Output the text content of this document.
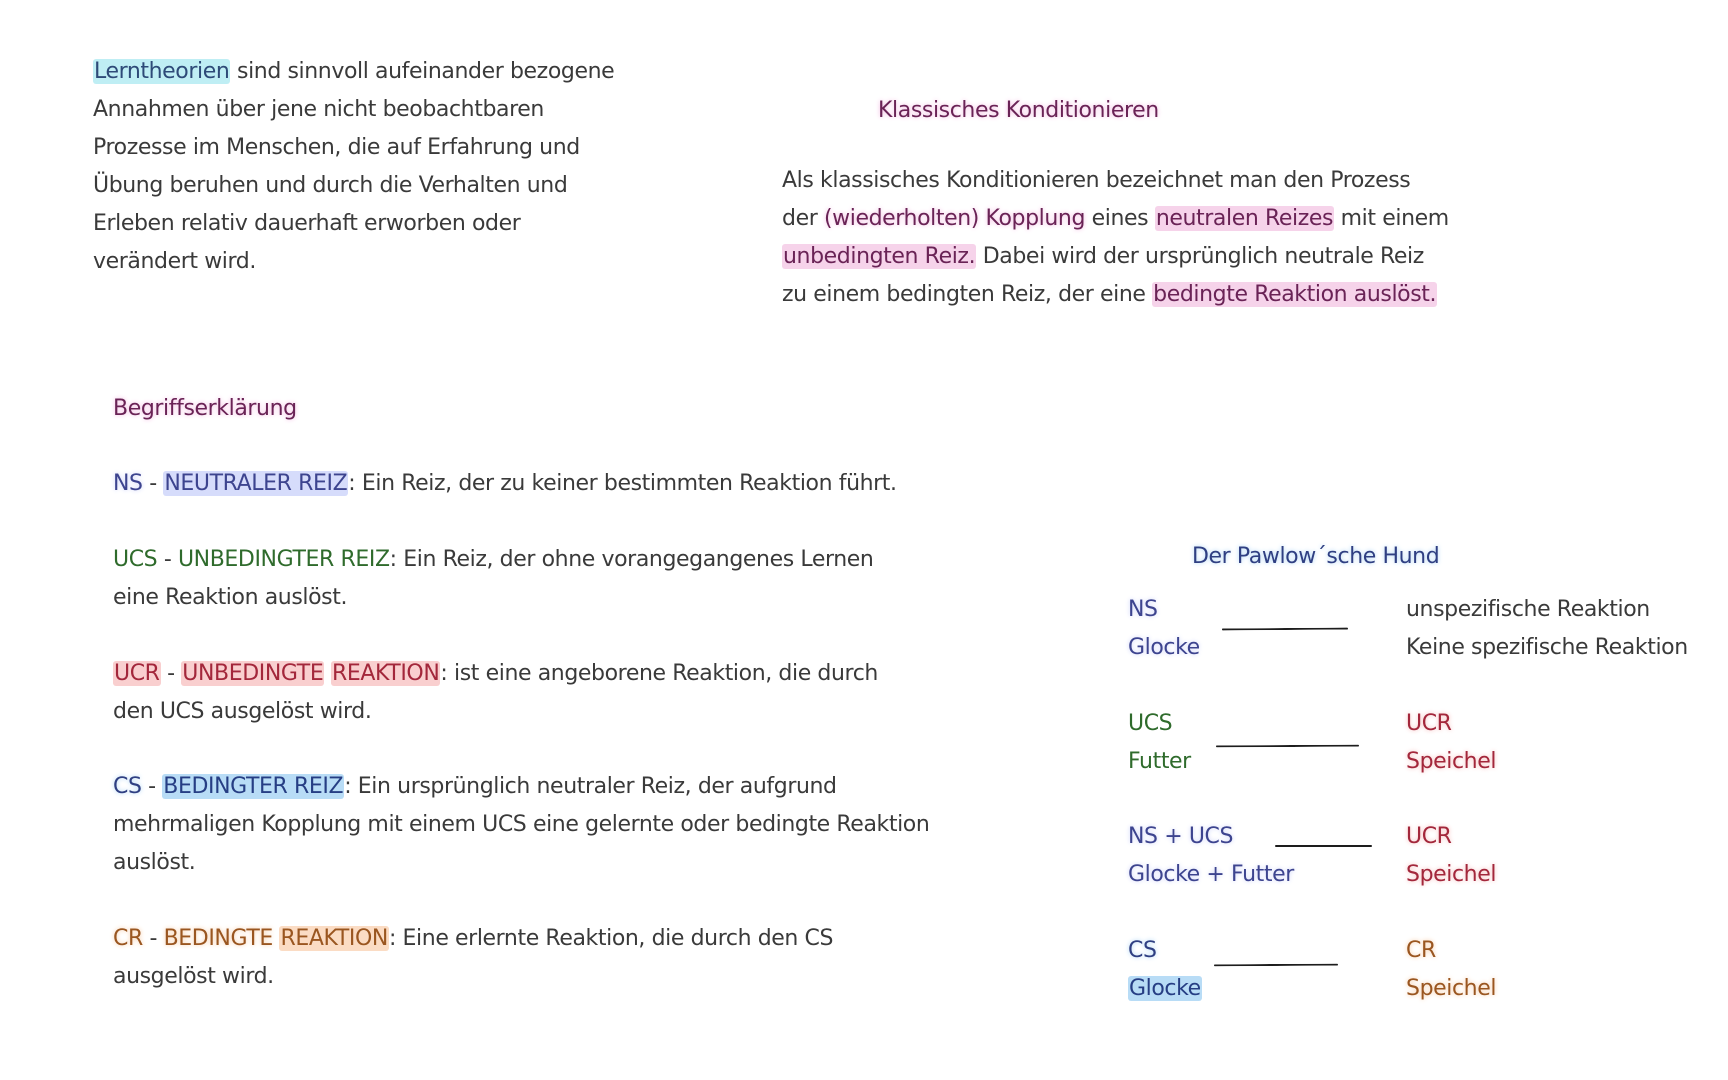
Lerntheorien sind sinnvoll aufeinander bezogene
Annahmen über jene nicht beobachtbaren
Prozesse im Menschen, die auf Erfahrung und
Übung beruhen und durch die Verhalten und
Erleben relativ dauerhaft erworben oder
verändert wird.
Klassisches Konditionieren
Als klassisches Konditionieren bezeichnet man den Prozess
der (wiederholten) Kopplung eines neutralen Reizes mit einem
unbedingten Reiz. Dabei wird der ursprünglich neutrale Reiz
zu einem bedingten Reiz, der eine bedingte Reaktion auslöst.
Begriffserklärung
NS - NEUTRALER REIZ: Ein Reiz, der zu keiner bestimmten Reaktion führt.
UCS - UNBEDINGTER REIZ: Ein Reiz, der ohne vorangegangenes Lernen
eine Reaktion auslöst.
UCR - UNBEDINGTE REAKTION: ist eine angeborene Reaktion, die durch
den UCS ausgelöst wird.
CS - BEDINGTER REIZ: Ein ursprünglich neutraler Reiz, der aufgrund
mehrmaligen Kopplung mit einem UCS eine gelernte oder bedingte Reaktion
auslöst.
CR - BEDINGTE REAKTION: Eine erlernte Reaktion, die durch den CS
ausgelöst wird.
Der Pawlow´sche Hund
NS
Glocke
unspezifische Reaktion
Keine spezifische Reaktion
UCS
Futter
UCR
Speichel
NS + UCS
Glocke + Futter
UCR
Speichel
CS
Glocke
CR
Speichel
